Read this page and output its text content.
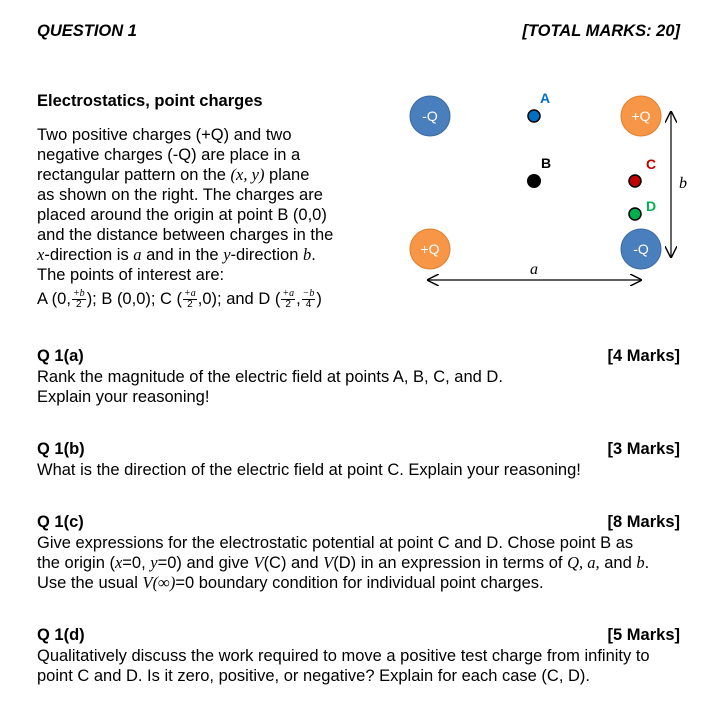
QUESTION 1	[TOTAL MARKS: 20]
Electrostatics, point charges
Two positive charges (+Q) and two
negative charges (-Q) are place in a
rectangular pattern on the (x, y) plane
as shown on the right. The charges are
placed around the origin at point B (0,0)
and the distance between charges in the
x-direction is a and in the y-direction b.
The points of interest are:
A (0, $\frac{+b}{2}$ ); B (0,0); C ( $\frac{+a}{2} ,0$); and D ( $\frac{+a}{2}$ , $\frac{-b}{4}$ )
-Q	+Q
+Q	-Q
A
B	C
D
a
b
Q 1(a)	[4 Marks]
Rank the magnitude of the electric field at points A, B, C, and D.
Explain your reasoning!
Q 1(b)	[3 Marks]
What is the direction of the electric field at point C. Explain your reasoning!
Q 1(c)	[8 Marks]
Give expressions for the electrostatic potential at point C and D. Chose point B as
the origin (x=0, y=0) and give V(C) and V(D) in an expression in terms of Q, a, and b.
Use the usual V(∞)=0 boundary condition for individual point charges.
Q 1(d)	[5 Marks]
Qualitatively discuss the work required to move a positive test charge from infinity to
point C and D. Is it zero, positive, or negative? Explain for each case (C, D).
